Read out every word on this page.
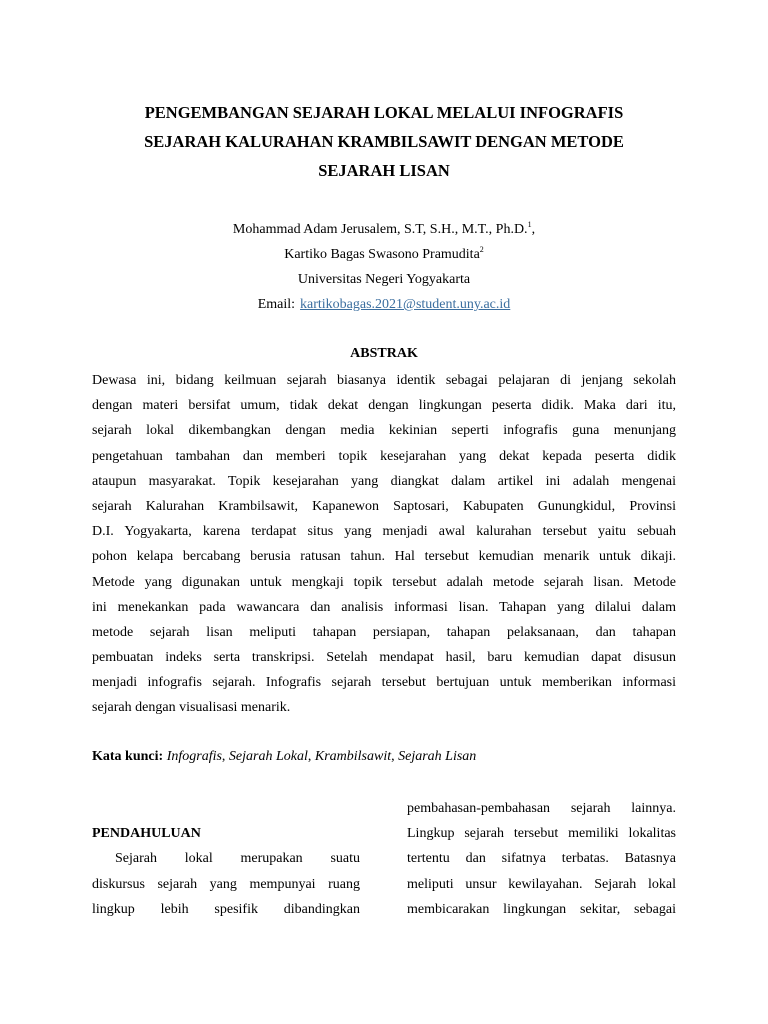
PENGEMBANGAN SEJARAH LOKAL MELALUI INFOGRAFIS
SEJARAH KALURAHAN KRAMBILSAWIT DENGAN METODE
SEJARAH LISAN
Mohammad Adam Jerusalem, S.T, S.H., M.T., Ph.D.$^1$,
Kartiko Bagas Swasono Pramudita$^2$
Universitas Negeri Yogyakarta
Email: kartikobagas.2021@student.uny.ac.id
ABSTRAK
Dewasa ini, bidang keilmuan sejarah biasanya identik sebagai pelajaran di jenjang sekolah
dengan materi bersifat umum, tidak dekat dengan lingkungan peserta didik. Maka dari itu,
sejarah lokal dikembangkan dengan media kekinian seperti infografis guna menunjang
pengetahuan tambahan dan memberi topik kesejarahan yang dekat kepada peserta didik
ataupun masyarakat. Topik kesejarahan yang diangkat dalam artikel ini adalah mengenai
sejarah Kalurahan Krambilsawit, Kapanewon Saptosari, Kabupaten Gunungkidul, Provinsi
D.I. Yogyakarta, karena terdapat situs yang menjadi awal kalurahan tersebut yaitu sebuah
pohon kelapa bercabang berusia ratusan tahun. Hal tersebut kemudian menarik untuk dikaji.
Metode yang digunakan untuk mengkaji topik tersebut adalah metode sejarah lisan. Metode
ini menekankan pada wawancara dan analisis informasi lisan. Tahapan yang dilalui dalam
metode sejarah lisan meliputi tahapan persiapan, tahapan pelaksanaan, dan tahapan
pembuatan indeks serta transkripsi. Setelah mendapat hasil, baru kemudian dapat disusun
menjadi infografis sejarah. Infografis sejarah tersebut bertujuan untuk memberikan informasi
sejarah dengan visualisasi menarik.
Kata kunci: Infografis, Sejarah Lokal, Krambilsawit, Sejarah Lisan
PENDAHULUAN
Sejarah lokal merupakan suatu
diskursus sejarah yang mempunyai ruang
lingkup lebih spesifik dibandingkan
pembahasan-pembahasan sejarah lainnya.
Lingkup sejarah tersebut memiliki lokalitas
tertentu dan sifatnya terbatas. Batasnya
meliputi unsur kewilayahan. Sejarah lokal
membicarakan lingkungan sekitar, sebagai
